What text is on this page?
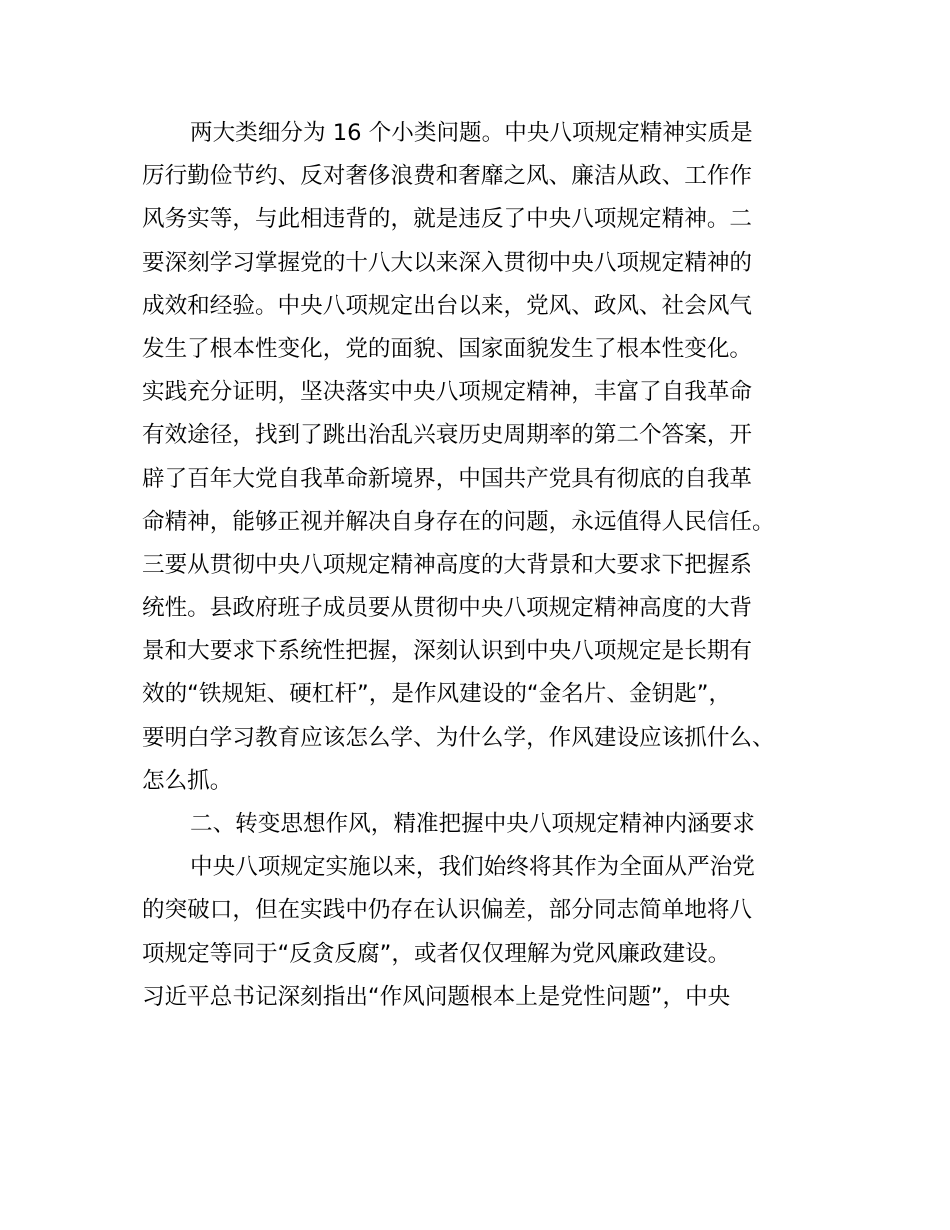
两大类细分为 16 个小类问题。中央八项规定精神实质是
厉行勤俭节约、反对奢侈浪费和奢靡之风、廉洁从政、工作作
风务实等，与此相违背的，就是违反了中央八项规定精神。二
要深刻学习掌握党的十八大以来深入贯彻中央八项规定精神的
成效和经验。中央八项规定出台以来，党风、政风、社会风气
发生了根本性变化，党的面貌、国家面貌发生了根本性变化。
实践充分证明，坚决落实中央八项规定精神，丰富了自我革命
有效途径，找到了跳出治乱兴衰历史周期率的第二个答案，开
辟了百年大党自我革命新境界，中国共产党具有彻底的自我革
命精神，能够正视并解决自身存在的问题，永远值得人民信任。
三要从贯彻中央八项规定精神高度的大背景和大要求下把握系
统性。县政府班子成员要从贯彻中央八项规定精神高度的大背
景和大要求下系统性把握，深刻认识到中央八项规定是长期有
效的“铁规矩、硬杠杆”，是作风建设的“金名片、金钥匙”，
要明白学习教育应该怎么学、为什么学，作风建设应该抓什么、
怎么抓。
二、转变思想作风，精准把握中央八项规定精神内涵要求
中央八项规定实施以来，我们始终将其作为全面从严治党
的突破口，但在实践中仍存在认识偏差，部分同志简单地将八
项规定等同于“反贪反腐”，或者仅仅理解为党风廉政建设。
习近平总书记深刻指出“作风问题根本上是党性问题”，中央
